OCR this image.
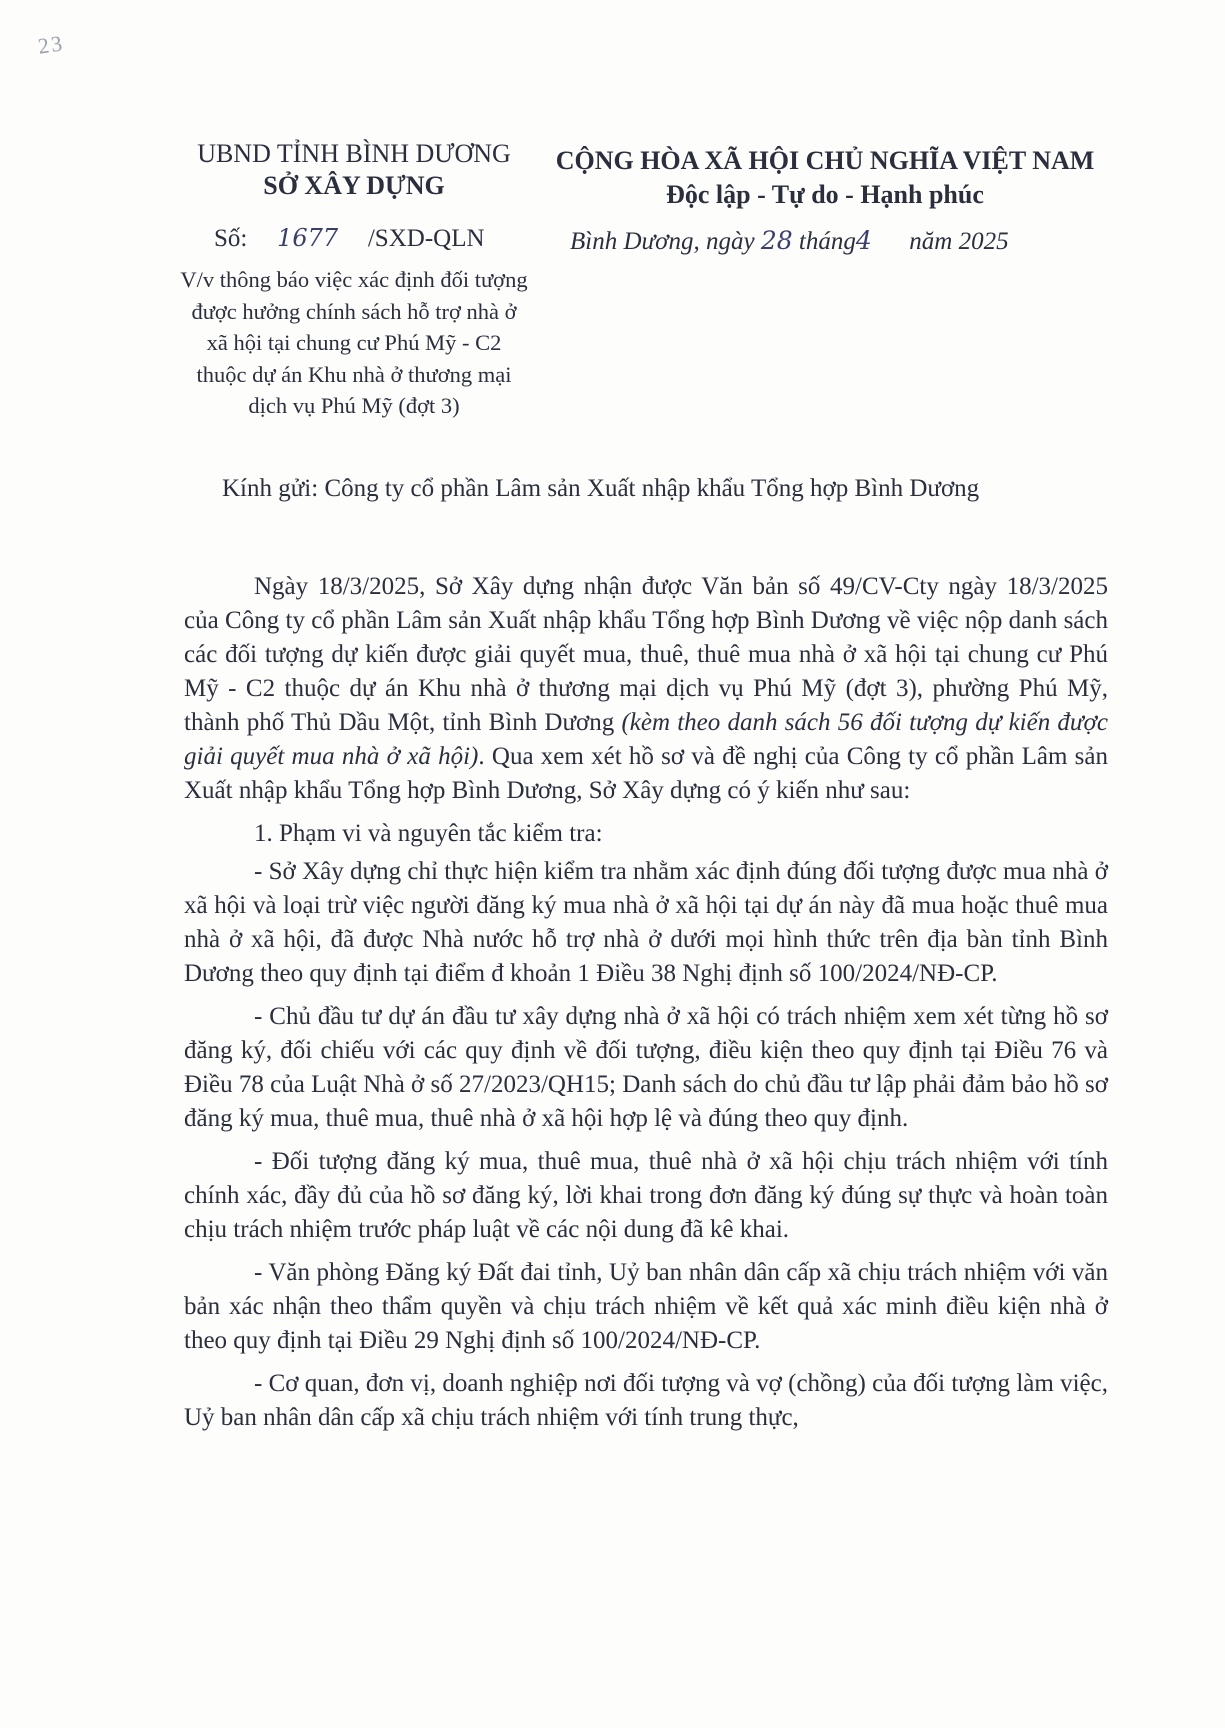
23
UBND TỈNH BÌNH DƯƠNG
SỞ XÂY DỰNG
CỘNG HÒA XÃ HỘI CHỦ NGHĨA VIỆT NAM
Độc lập - Tự do - Hạnh phúc
Số: 1677 /SXD-QLN	Bình Dương, ngày 28 tháng4 năm 2025
V/v thông báo việc xác định đối tượng được hưởng chính sách hỗ trợ nhà ở xã hội tại chung cư Phú Mỹ - C2 thuộc dự án Khu nhà ở thương mại dịch vụ Phú Mỹ (đợt 3)
Kính gửi: Công ty cổ phần Lâm sản Xuất nhập khẩu Tổng hợp Bình Dương

Ngày 18/3/2025, Sở Xây dựng nhận được Văn bản số 49/CV-Cty ngày 18/3/2025 của Công ty cổ phần Lâm sản Xuất nhập khẩu Tổng hợp Bình Dương về việc nộp danh sách các đối tượng dự kiến được giải quyết mua, thuê, thuê mua nhà ở xã hội tại chung cư Phú Mỹ - C2 thuộc dự án Khu nhà ở thương mại dịch vụ Phú Mỹ (đợt 3), phường Phú Mỹ, thành phố Thủ Dầu Một, tỉnh Bình Dương (kèm theo danh sách 56 đối tượng dự kiến được giải quyết mua nhà ở xã hội). Qua xem xét hồ sơ và đề nghị của Công ty cổ phần Lâm sản Xuất nhập khẩu Tổng hợp Bình Dương, Sở Xây dựng có ý kiến như sau:

1. Phạm vi và nguyên tắc kiểm tra:

- Sở Xây dựng chỉ thực hiện kiểm tra nhằm xác định đúng đối tượng được mua nhà ở xã hội và loại trừ việc người đăng ký mua nhà ở xã hội tại dự án này đã mua hoặc thuê mua nhà ở xã hội, đã được Nhà nước hỗ trợ nhà ở dưới mọi hình thức trên địa bàn tỉnh Bình Dương theo quy định tại điểm đ khoản 1 Điều 38 Nghị định số 100/2024/NĐ-CP.

- Chủ đầu tư dự án đầu tư xây dựng nhà ở xã hội có trách nhiệm xem xét từng hồ sơ đăng ký, đối chiếu với các quy định về đối tượng, điều kiện theo quy định tại Điều 76 và Điều 78 của Luật Nhà ở số 27/2023/QH15; Danh sách do chủ đầu tư lập phải đảm bảo hồ sơ đăng ký mua, thuê mua, thuê nhà ở xã hội hợp lệ và đúng theo quy định.

- Đối tượng đăng ký mua, thuê mua, thuê nhà ở xã hội chịu trách nhiệm với tính chính xác, đầy đủ của hồ sơ đăng ký, lời khai trong đơn đăng ký đúng sự thực và hoàn toàn chịu trách nhiệm trước pháp luật về các nội dung đã kê khai.

- Văn phòng Đăng ký Đất đai tỉnh, Uỷ ban nhân dân cấp xã chịu trách nhiệm với văn bản xác nhận theo thẩm quyền và chịu trách nhiệm về kết quả xác minh điều kiện nhà ở theo quy định tại Điều 29 Nghị định số 100/2024/NĐ-CP.

- Cơ quan, đơn vị, doanh nghiệp nơi đối tượng và vợ (chồng) của đối tượng làm việc, Uỷ ban nhân dân cấp xã chịu trách nhiệm với tính trung thực,
